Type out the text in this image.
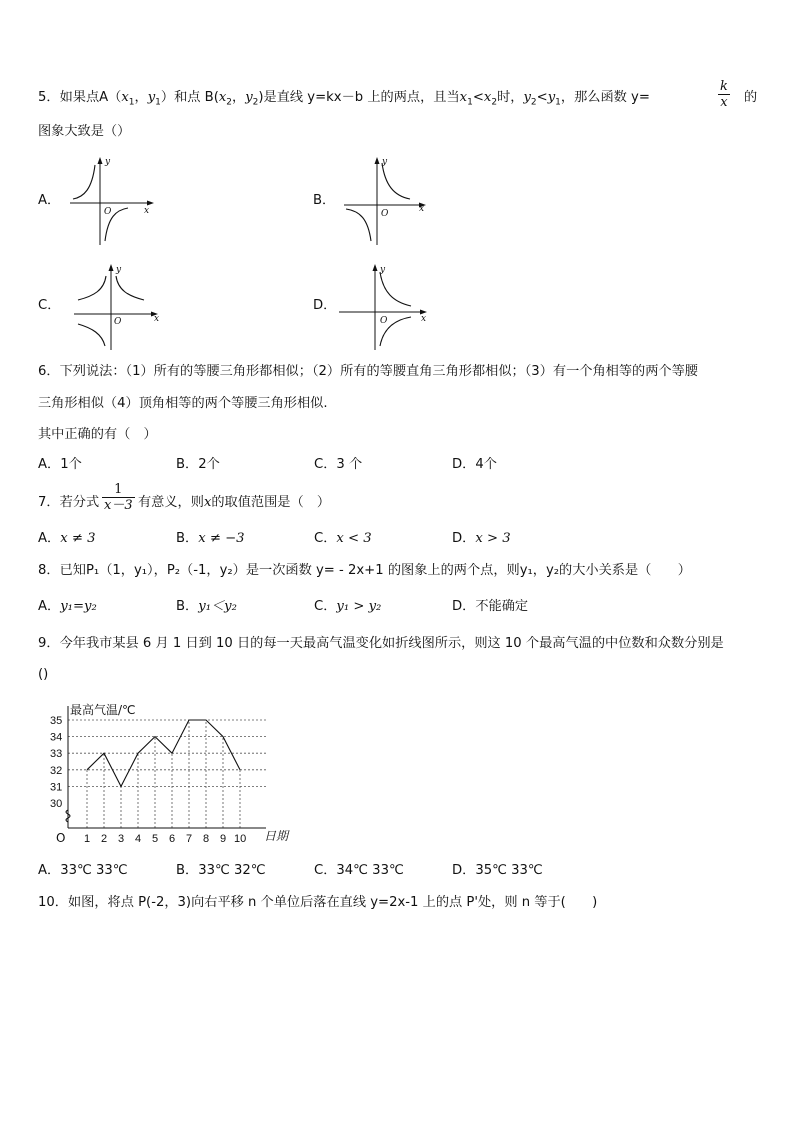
5．如果点$A(x_1$，$y_1$）和点 $B(x_2$，$y_2$)是直线 y=kx－b 上的两点，且当$x_1<x_2$时，$y_2<y_1$，那么函数 y=	$\frac{k}{x}$ 的
图象大致是（）
A．
y
x
O
B．
y
x
O
C．
y
x
O
D．
y
x
O
6．下列说法：（1）所有的等腰三角形都相似；（2）所有的等腰直角三角形都相似；（3）有一个角相等的两个等腰
三角形相似（4）顶角相等的两个等腰三角形相似.
其中正确的有（　）
A．1个	B．2个	C．3 个	D．4个
7．若分式 $\frac{1}{x-3}$ 有意义，则x的取值范围是（　）
A．x ≠ 3	B．x ≠ −3	C．x < 3	D．x > 3
8．已知P₁（1，y₁），P₂（-1，y₂）是一次函数 y= - 2x+1 的图象上的两个点，则y₁，y₂的大小关系是（　　）
A．y₁=y₂	B．y₁＜y₂	C．y₁ > y₂	D．不能确定
9．今年我市某县 6 月 1 日到 10 日的每一天最高气温变化如折线图所示，则这 10 个最高气温的中位数和众数分别是
()
30
31
32
33
34
35
1 2 3 4 5 6 7 8 9 10
最高气温/℃
日期
O
A．33℃ 33℃	B．33℃ 32℃	C．34℃ 33℃	D．35℃ 33℃
10．如图，将点 P(-2，3)向右平移 n 个单位后落在直线 y=2x-1 上的点 P'处，则 n 等于(　　)
